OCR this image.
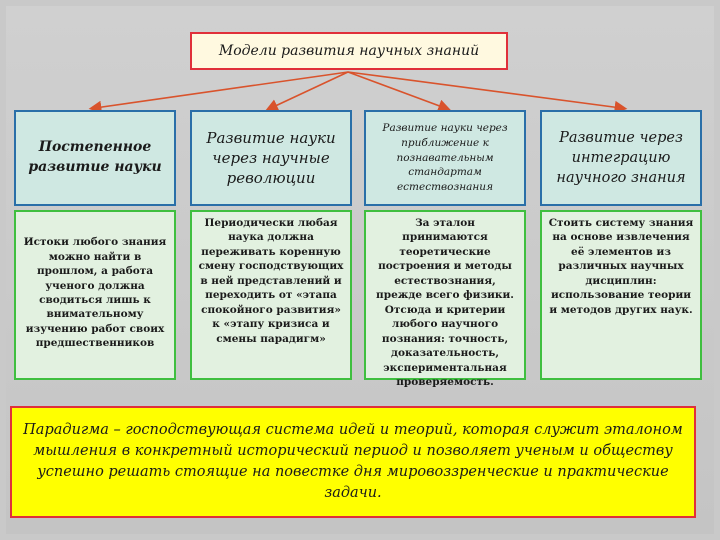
Модели развития научных знаний
Постепенное развитие науки
Развитие науки через научные революции
Развитие науки через приближение к познавательным стандартам естествознания
Развитие через интеграцию научного знания
Истоки любого знания можно найти в прошлом, а работа ученого должна сводиться лишь к внимательному изучению работ своих предшественников
Периодически любая наука должна переживать коренную смену господствующих в ней представлений и переходить от «этапа спокойного развития» к «этапу кризиса и смены парадигм»
За эталон принимаются теоретические построения и методы естествознания, прежде всего физики. Отсюда и критерии любого научного познания: точность, доказательность, экспериментальная проверяемость.
Стоить систему знания на основе извлечения её элементов из различных научных дисциплин: использование теории и методов других наук.
Парадигма – господствующая система идей и теорий, которая служит эталоном мышления в конкретный исторический период и позволяет ученым и обществу успешно решать стоящие на повестке дня мировоззренческие и практические задачи.
